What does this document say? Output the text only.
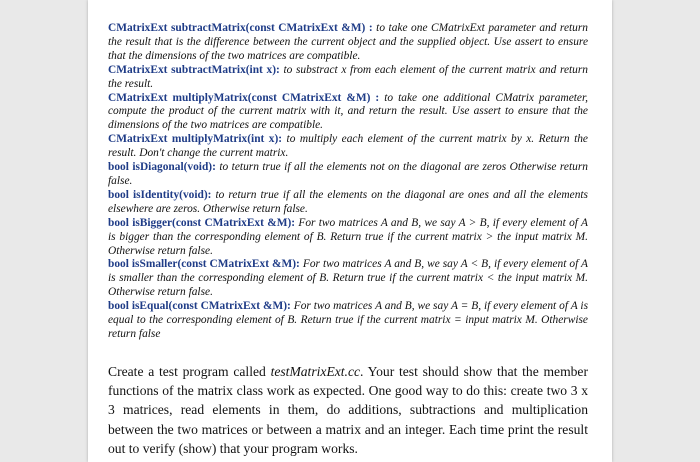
CMatrixExt subtractMatrix(const CMatrixExt &M) : to take one CMatrixExt parameter and return the result that is the difference between the current object and the supplied object. Use assert to ensure that the dimensions of the two matrices are compatible.

CMatrixExt subtractMatrix(int x): to substract x from each element of the current matrix and return the result.

CMatrixExt multiplyMatrix(const CMatrixExt &M) : to take one additional CMatrix parameter, compute the product of the current matrix with it, and return the result. Use assert to ensure that the dimensions of the two matrices are compatible.

CMatrixExt multiplyMatrix(int x): to multiply each element of the current matrix by x. Return the result. Don't change the current matrix.

bool isDiagonal(void): to teturn true if all the elements not on the diagonal are zeros Otherwise return false.

bool isIdentity(void): to return true if all the elements on the diagonal are ones and all the elements elsewhere are zeros. Otherwise return false.

bool isBigger(const CMatrixExt &M): For two matrices A and B, we say A > B, if every element of A is bigger than the corresponding element of B. Return true if the current matrix > the input matrix M. Otherwise return false.

bool isSmaller(const CMatrixExt &M): For two matrices A and B, we say A < B, if every element of A is smaller than the corresponding element of B. Return true if the current matrix < the input matrix M. Otherwise return false.

bool isEqual(const CMatrixExt &M): For two matrices A and B, we say A = B, if every element of A is equal to the corresponding element of B. Return true if the current matrix = input matrix M. Otherwise return false

Create a test program called testMatrixExt.cc. Your test should show that the member functions of the matrix class work as expected. One good way to do this: create two 3 x 3 matrices, read elements in them, do additions, subtractions and multiplication between the two matrices or between a matrix and an integer. Each time print the result out to verify (show) that your program works.
